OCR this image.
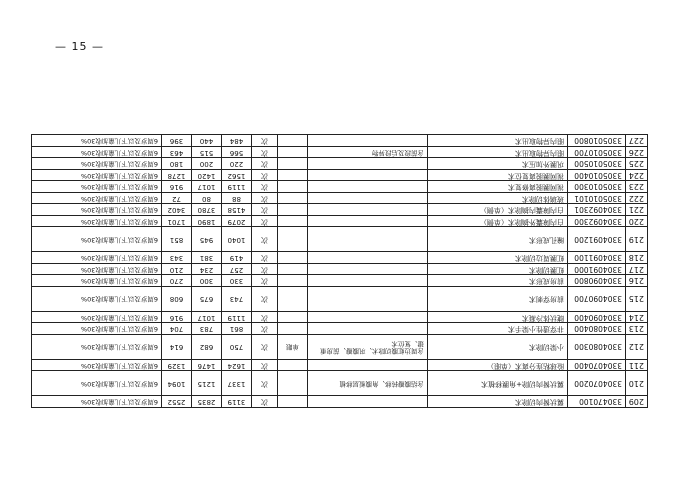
— 15 —
209	330470100	翼状胬肉切除术			次	3119	2835	2552	6周岁及以下儿童加收30%
210	3304070200	翼状胬肉切除+角膜移植术	含结膜瓣转移、角膜板层移植		次	1337	1215	1094	6周岁及以下儿童加收30%
211	3304070400	睑球粘连分离术（单眼）			次	1624	1476	1329	6周岁及以下儿童加收30%
212	3304080300	小梁切除术	含周边虹膜切除术、巩膜瓣、前房重建、复位术	单眼	次	750	682	614	6周岁及以下儿童加收30%
213	3304080400	非穿透性小梁手术			次	861	783	704	6周岁及以下儿童加收30%
214	3304090400	睫状体冷凝术			次	1119	1017	916	6周岁及以下儿童加收30%
215	3304090700	前房穿刺术			次	743	675	608	6周岁及以下儿童加收30%
216	3304090800	前房成形术			次	330	300	270	6周岁及以下儿童加收30%
217	3304091000	虹膜切除术			次	257	234	210	6周岁及以下儿童加收30%
218	3304091100	虹膜周边切除术			次	419	381	343	6周岁及以下儿童加收30%
219	3304091200	瞳孔成形术			次	1040	945	851	6周岁及以下儿童加收30%
220	3304092300	白内障囊外摘除术（单侧）			次	2079	1890	1701	6周岁及以下儿童加收30%
221	3304092301	白内障囊内摘除术（单侧）			次	4158	3780	3402	6周岁及以下儿童加收30%
222	3305010101	玻璃体切除术			次	88	80	72	6周岁及以下儿童加收30%
223	3305010300	视网膜脱离修复术			次	1119	1017	916	6周岁及以下儿童加收30%
224	3305010400	视网膜脱离复位术			次	1562	1420	1278	6周岁及以下儿童加收30%
225	3305010500	巩膜外加压术			次	220	200	180	6周岁及以下儿童加收30%
226	3305010700	眼内异物取出术	含前段及后段异物		次	566	515	463	6周岁及以下儿童加收30%
227	3305010800	眼内异物取出术			次	484	440	396	6周岁及以下儿童加收30%
